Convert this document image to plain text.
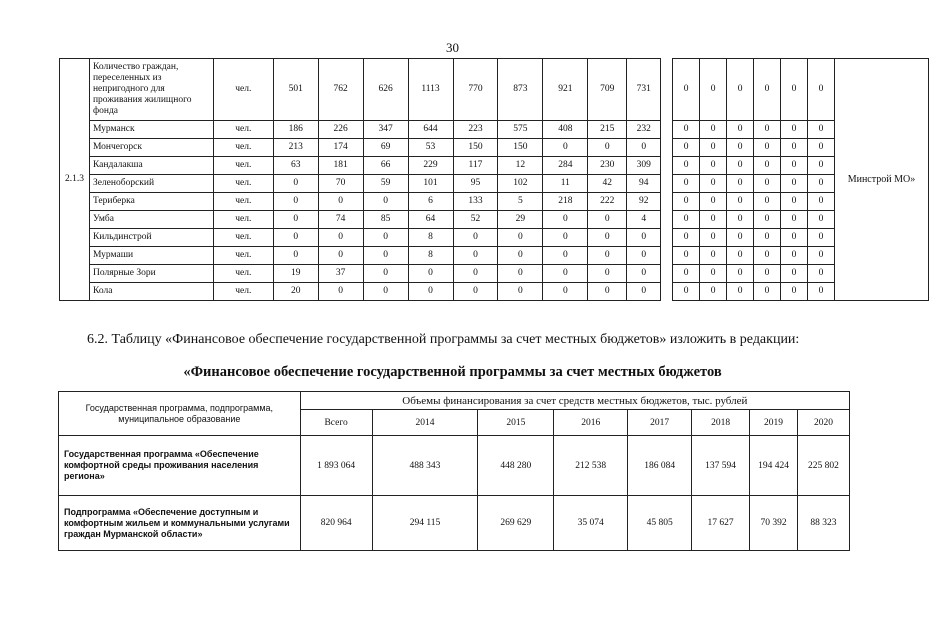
30
2.1.3	Количество граждан, переселенных из непригодного для проживания жилищного фонда	чел.	501	762	626	1113	770	873	921	709	731		0	0	0	0	0	0	Минстрой МО»
	Мурманск	чел.	186	226	347	644	223	575	408	215	232		0	0	0	0	0	0	
	Мончегорск	чел.	213	174	69	53	150	150	0	0	0		0	0	0	0	0	0	
	Кандалакша	чел.	63	181	66	229	117	12	284	230	309		0	0	0	0	0	0	
	Зеленоборский	чел.	0	70	59	101	95	102	11	42	94		0	0	0	0	0	0	
	Териберка	чел.	0	0	0	6	133	5	218	222	92		0	0	0	0	0	0	
	Умба	чел.	0	74	85	64	52	29	0	0	4		0	0	0	0	0	0	
	Кильдинстрой	чел.	0	0	0	8	0	0	0	0	0		0	0	0	0	0	0	
	Мурмаши	чел.	0	0	0	8	0	0	0	0	0		0	0	0	0	0	0	
	Полярные Зори	чел.	19	37	0	0	0	0	0	0	0		0	0	0	0	0	0	
	Кола	чел.	20	0	0	0	0	0	0	0	0		0	0	0	0	0	0	
6.2. Таблицу «Финансовое обеспечение государственной программы за счет местных бюджетов» изложить в редакции:
«Финансовое обеспечение государственной программы за счет местных бюджетов
Государственная программа, подпрограмма, муниципальное образование	Объемы финансирования за счет средств местных бюджетов, тыс. рублей							
	Всего	2014	2015	2016	2017	2018	2019	2020
Государственная программа «Обеспечение комфортной среды проживания населения региона»	1 893 064	488 343	448 280	212 538	186 084	137 594	194 424	225 802
Подпрограмма «Обеспечение доступным и комфортным жильем и коммунальными услугами граждан Мурманской области»	820 964	294 115	269 629	35 074	45 805	17 627	70 392	88 323
